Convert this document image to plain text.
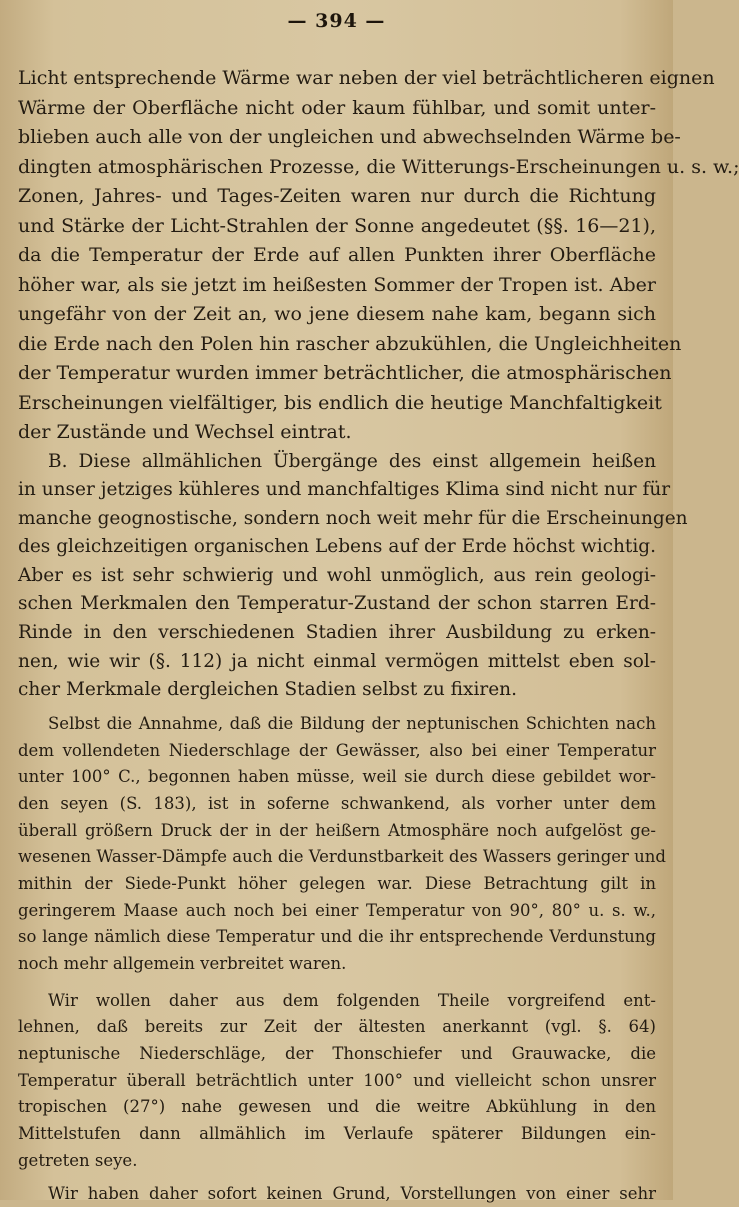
— 394 —
Licht entsprechende Wärme war neben der viel beträchtlicheren eignen
Wärme der Oberfläche nicht oder kaum fühlbar, und somit unter-
blieben auch alle von der ungleichen und abwechselnden Wärme be-
dingten atmosphärischen Prozesse, die Witterungs-Erscheinungen u. s. w.;
Zonen, Jahres- und Tages-Zeiten waren nur durch die Richtung
und Stärke der Licht-Strahlen der Sonne angedeutet (§§. 16—21),
da die Temperatur der Erde auf allen Punkten ihrer Oberfläche
höher war, als sie jetzt im heißesten Sommer der Tropen ist. Aber
ungefähr von der Zeit an, wo jene diesem nahe kam, begann sich
die Erde nach den Polen hin rascher abzukühlen, die Ungleichheiten
der Temperatur wurden immer beträchtlicher, die atmosphärischen
Erscheinungen vielfältiger, bis endlich die heutige Manchfaltigkeit
der Zustände und Wechsel eintrat.
B. Diese allmählichen Übergänge des einst allgemein heißen
in unser jetziges kühleres und manchfaltiges Klima sind nicht nur für
manche geognostische, sondern noch weit mehr für die Erscheinungen
des gleichzeitigen organischen Lebens auf der Erde höchst wichtig.
Aber es ist sehr schwierig und wohl unmöglich, aus rein geologi-
schen Merkmalen den Temperatur-Zustand der schon starren Erd-
Rinde in den verschiedenen Stadien ihrer Ausbildung zu erken-
nen, wie wir (§. 112) ja nicht einmal vermögen mittelst eben sol-
cher Merkmale dergleichen Stadien selbst zu fixiren.
Selbst die Annahme, daß die Bildung der neptunischen Schichten nach
dem vollendeten Niederschlage der Gewässer, also bei einer Temperatur
unter 100° C., begonnen haben müsse, weil sie durch diese gebildet wor-
den seyen (S. 183), ist in soferne schwankend, als vorher unter dem
überall größern Druck der in der heißern Atmosphäre noch aufgelöst ge-
wesenen Wasser-Dämpfe auch die Verdunstbarkeit des Wassers geringer und
mithin der Siede-Punkt höher gelegen war. Diese Betrachtung gilt in
geringerem Maase auch noch bei einer Temperatur von 90°, 80° u. s. w.,
so lange nämlich diese Temperatur und die ihr entsprechende Verdunstung
noch mehr allgemein verbreitet waren.
Wir wollen daher aus dem folgenden Theile vorgreifend ent-
lehnen, daß bereits zur Zeit der ältesten anerkannt (vgl. §. 64)
neptunische Niederschläge, der Thonschiefer und Grauwacke, die
Temperatur überall beträchtlich unter 100° und vielleicht schon unsrer
tropischen (27°) nahe gewesen und die weitre Abkühlung in den
Mittelstufen dann allmählich im Verlaufe späterer Bildungen ein-
getreten seye.
Wir haben daher sofort keinen Grund, Vorstellungen von einer sehr
